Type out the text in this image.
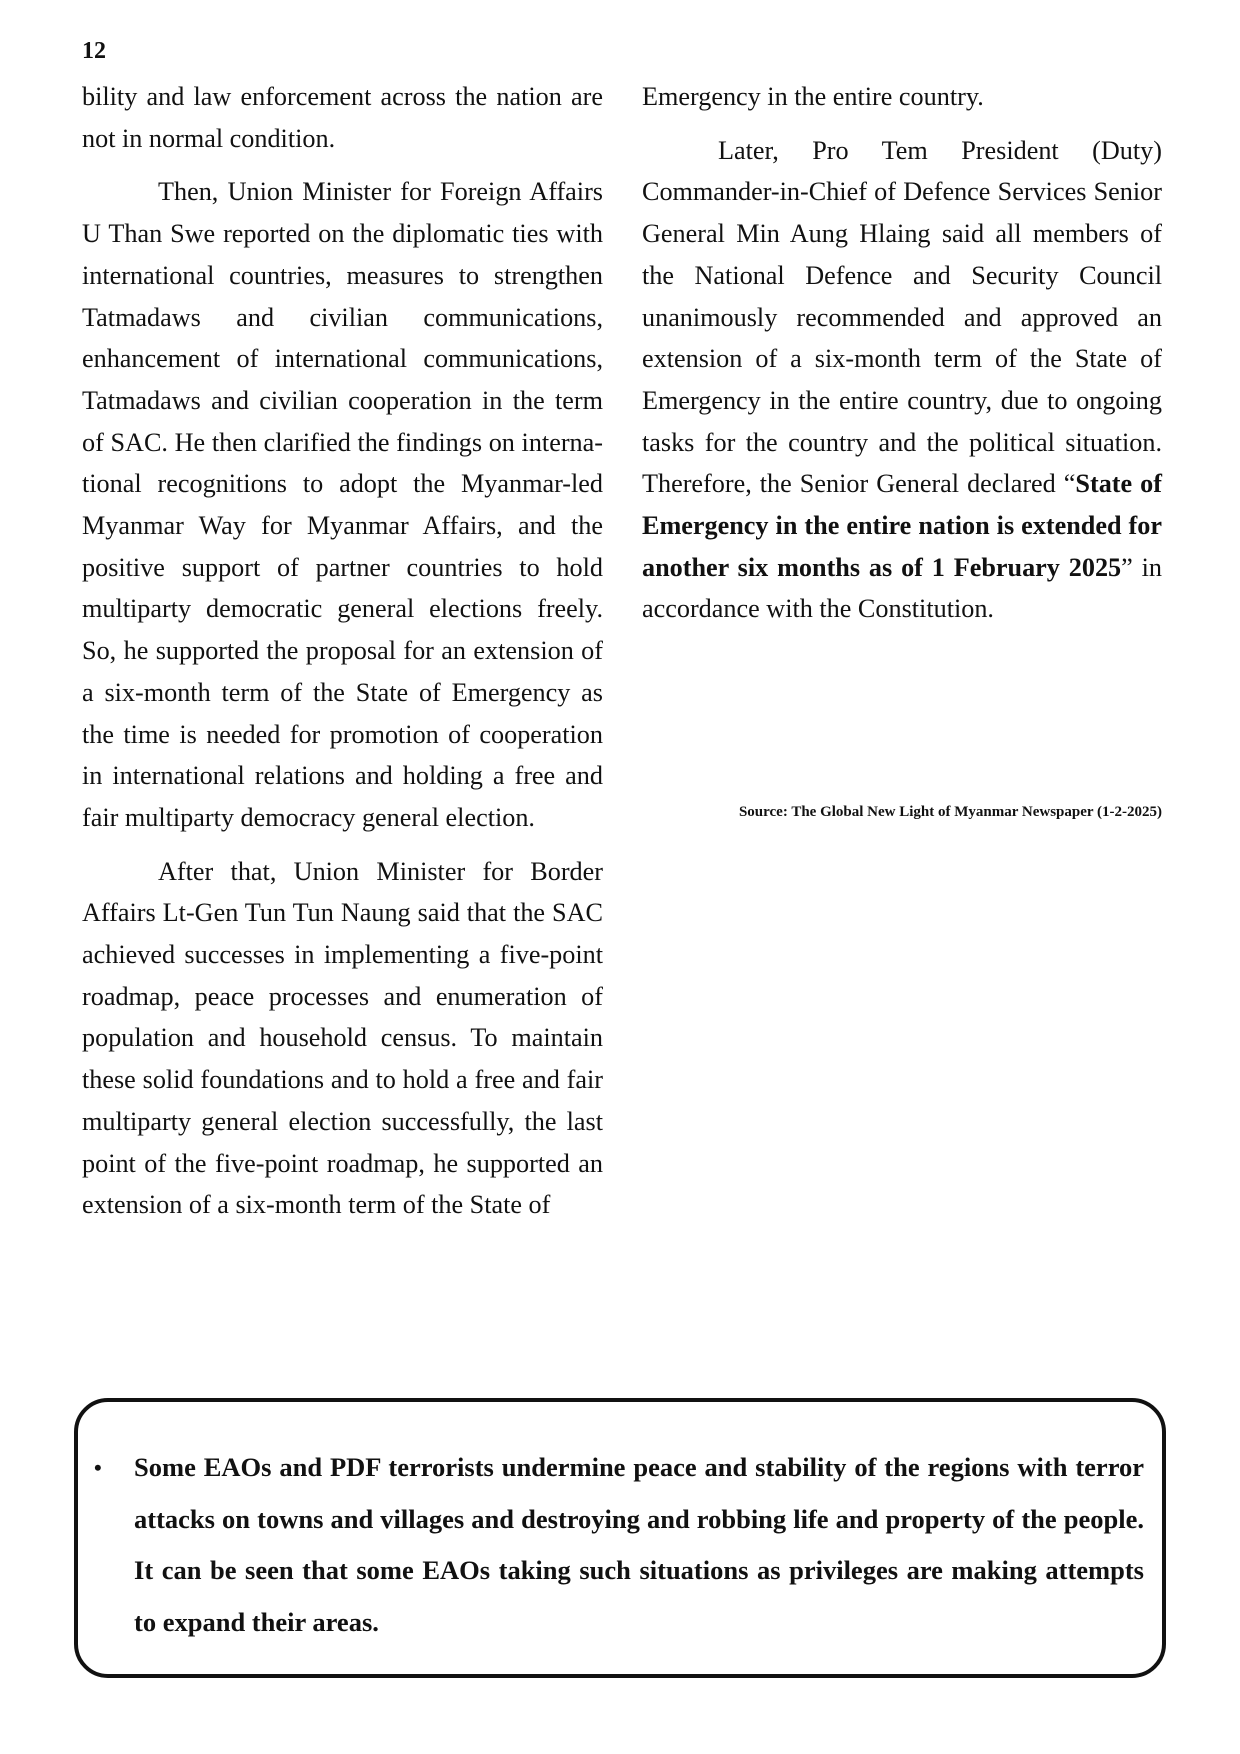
12

bility and law enforcement across the nation are not in normal condition.

Then, Union Minister for Foreign Affairs U Than Swe reported on the diplomatic ties with international countries, measures to strengthen Tatmadaws and civilian communications, enhancement of international communications, Tatmadaws and civilian cooperation in the term of SAC. He then clarified the findings on international recognitions to adopt the Myanmar-led Myanmar Way for Myanmar Affairs, and the positive support of partner countries to hold multiparty democratic general elections freely. So, he supported the proposal for an extension of a six-month term of the State of Emergency as the time is needed for promotion of cooperation in international relations and holding a free and fair multiparty democracy general election.

After that, Union Minister for Border Affairs Lt-Gen Tun Tun Naung said that the SAC achieved successes in implementing a five-point roadmap, peace processes and enumeration of population and household census. To maintain these solid foundations and to hold a free and fair multiparty general election successfully, the last point of the five-point roadmap, he supported an extension of a six-month term of the State of

Emergency in the entire country.

Later, Pro Tem President (Duty) Commander-in-Chief of Defence Services Senior General Min Aung Hlaing said all members of the National Defence and Security Council unanimously recommended and approved an extension of a six-month term of the State of Emergency in the entire country, due to ongoing tasks for the country and the political situation. Therefore, the Senior General declared “State of Emergency in the entire nation is extended for another six months as of 1 February 2025” in accordance with the Constitution.

Source: The Global New Light of Myanmar Newspaper (1-2-2025)
• Some EAOs and PDF terrorists undermine peace and stability of the regions with terror attacks on towns and villages and destroying and robbing life and property of the people. It can be seen that some EAOs taking such situations as privileges are making attempts to expand their areas.
